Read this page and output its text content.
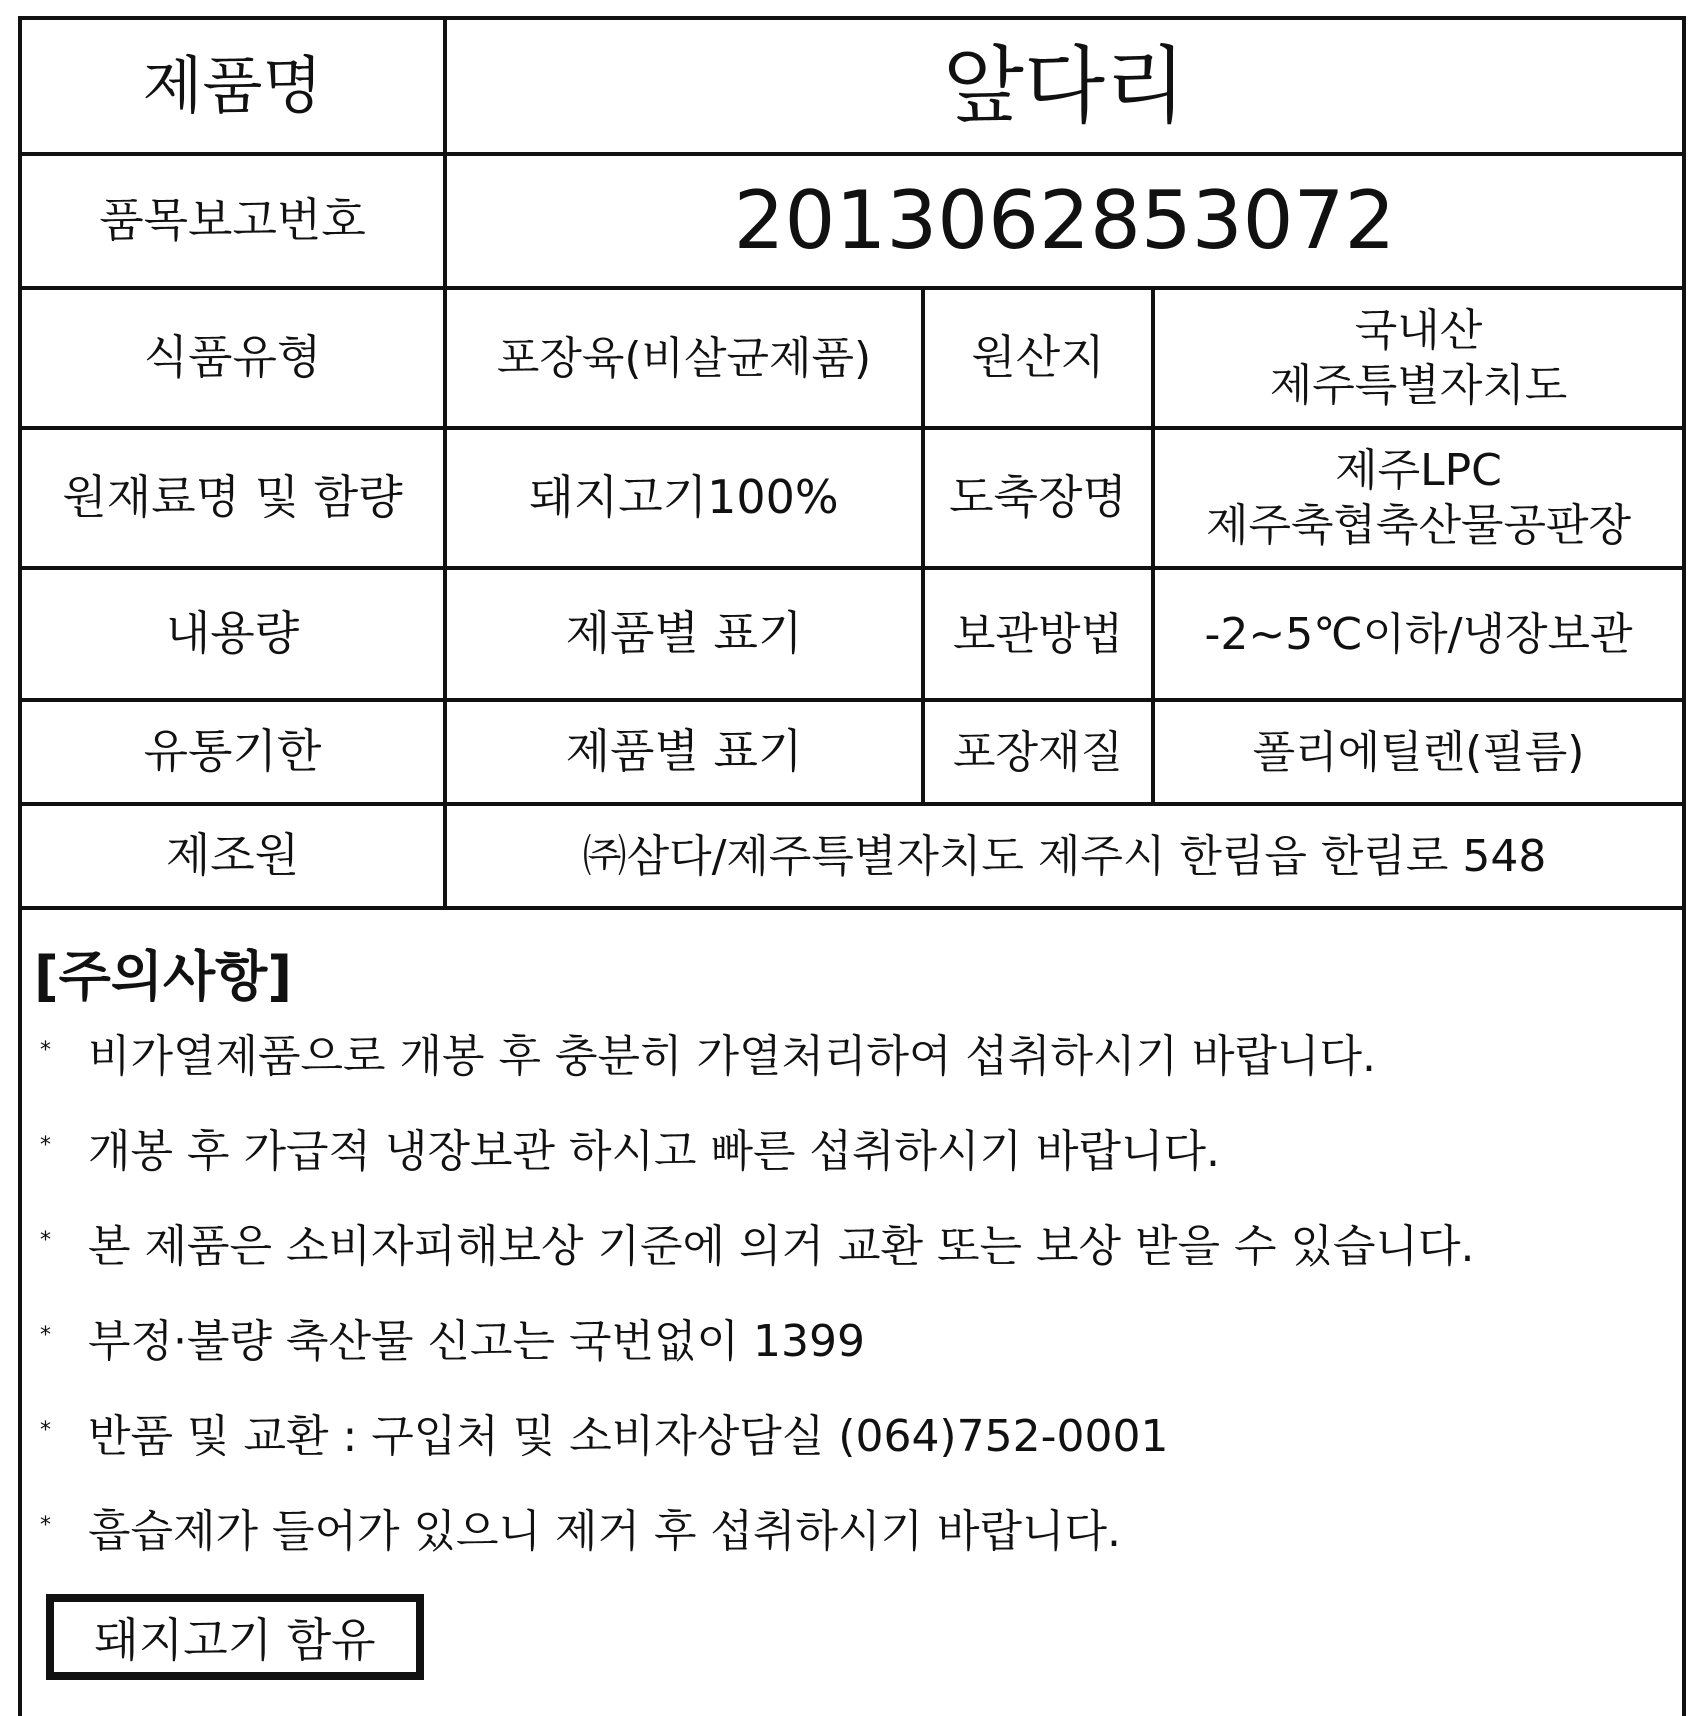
제품명	앞다리		
품목보고번호	2013062853072		
식품유형	포장육(비살균제품)	원산지	국내산
제주특별자치도

원재료명 및 함량	돼지고기100%	도축장명	제주LPC
제주축협축산물공판장

내용량	제품별 표기	보관방법	-2~5℃이하/냉장보관
유통기한	제품별 표기	포장재질	폴리에틸렌(필름)
제조원	㈜삼다/제주특별자치도 제주시 한림읍 한림로 548		
[주의사항]
* 비가열제품으로 개봉 후 충분히 가열처리하여 섭취하시기 바랍니다.
* 개봉 후 가급적 냉장보관 하시고 빠른 섭취하시기 바랍니다.
* 본 제품은 소비자피해보상 기준에 의거 교환 또는 보상 받을 수 있습니다.
* 부정·불량 축산물 신고는 국번없이 1399
* 반품 및 교환 : 구입처 및 소비자상담실 (064)752-0001
* 흡습제가 들어가 있으니 제거 후 섭취하시기 바랍니다.
돼지고기 함유
